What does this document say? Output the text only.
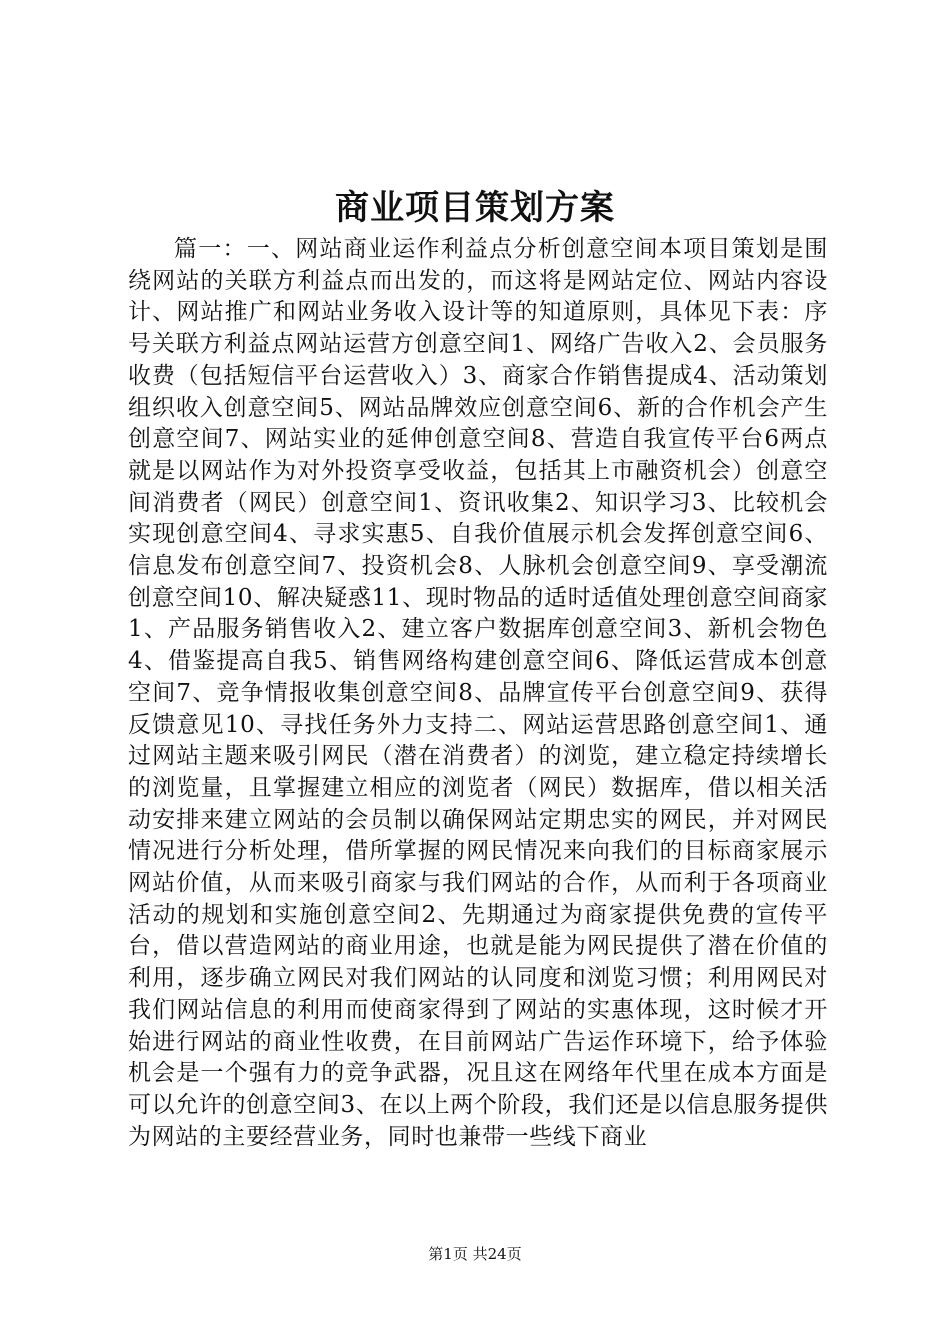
商业项目策划方案

篇一：一、网站商业运作利益点分析创意空间本项目策划是围绕网站的关联方利益点而出发的，而这将是网站定位、网站内容设计、网站推广和网站业务收入设计等的知道原则，具体见下表：序号关联方利益点网站运营方创意空间1、网络广告收入2、会员服务收费（包括短信平台运营收入）3、商家合作销售提成4、活动策划组织收入创意空间5、网站品牌效应创意空间6、新的合作机会产生创意空间7、网站实业的延伸创意空间8、营造自我宣传平台6两点就是以网站作为对外投资享受收益，包括其上市融资机会）创意空间消费者（网民）创意空间1、资讯收集2、知识学习3、比较机会实现创意空间4、寻求实惠5、自我价值展示机会发挥创意空间6、信息发布创意空间7、投资机会8、人脉机会创意空间9、享受潮流创意空间10、解决疑惑11、现时物品的适时适值处理创意空间商家1、产品服务销售收入2、建立客户数据库创意空间3、新机会物色4、借鉴提高自我5、销售网络构建创意空间6、降低运营成本创意空间7、竞争情报收集创意空间8、品牌宣传平台创意空间9、获得反馈意见10、寻找任务外力支持二、网站运营思路创意空间1、通过网站主题来吸引网民（潜在消费者）的浏览，建立稳定持续增长的浏览量，且掌握建立相应的浏览者（网民）数据库，借以相关活动安排来建立网站的会员制以确保网站定期忠实的网民，并对网民情况进行分析处理，借所掌握的网民情况来向我们的目标商家展示网站价值，从而来吸引商家与我们网站的合作，从而利于各项商业活动的规划和实施创意空间2、先期通过为商家提供免费的宣传平台，借以营造网站的商业用途，也就是能为网民提供了潜在价值的利用，逐步确立网民对我们网站的认同度和浏览习惯；利用网民对我们网站信息的利用而使商家得到了网站的实惠体现，这时候才开始进行网站的商业性收费，在目前网站广告运作环境下，给予体验机会是一个强有力的竞争武器，况且这在网络年代里在成本方面是可以允许的创意空间3、在以上两个阶段，我们还是以信息服务提供为网站的主要经营业务，同时也兼带一些线下商业

第1页 共24页
